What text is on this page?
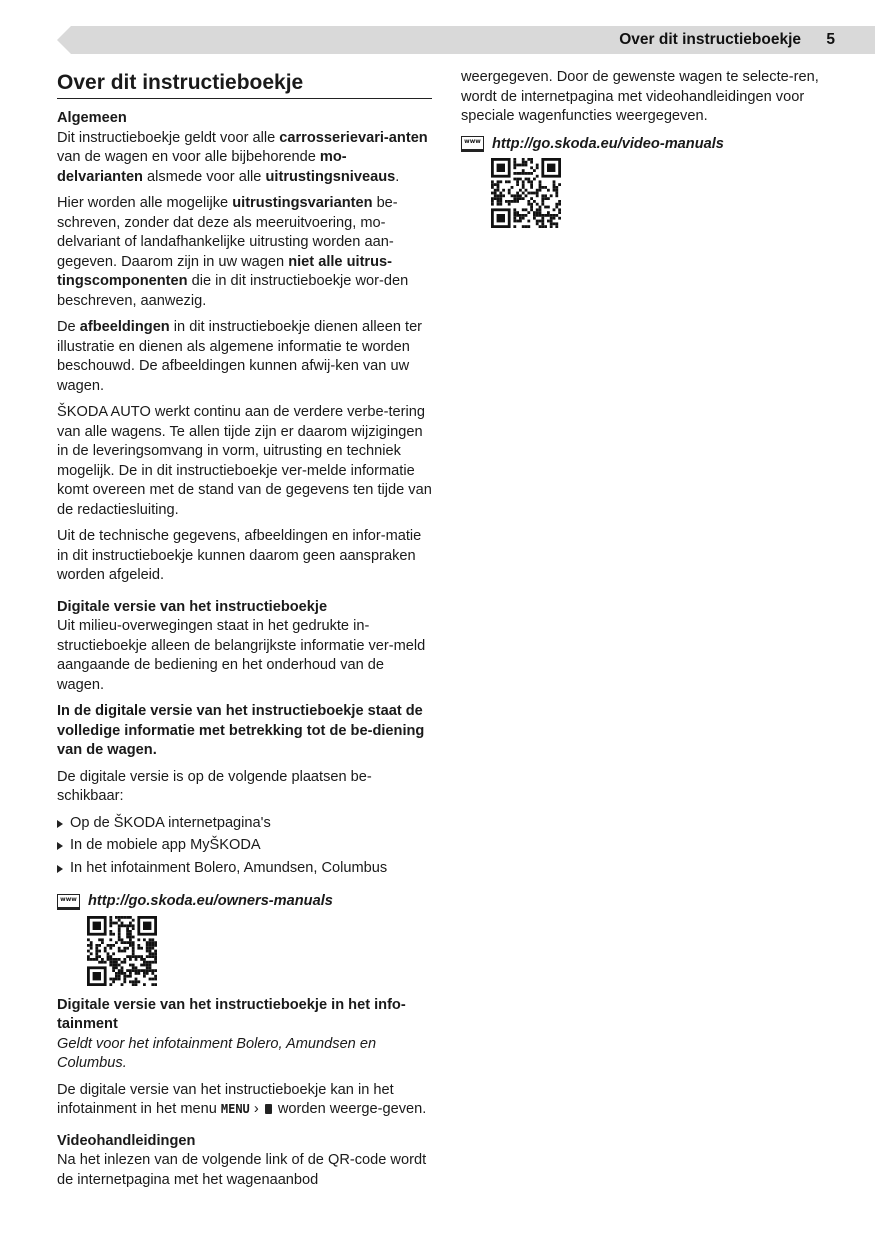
Over dit instructieboekje 5
Over dit instructieboekje
Algemeen

Dit instructieboekje geldt voor alle carrosserievari-anten van de wagen en voor alle bijbehorende mo-delvarianten alsmede voor alle uitrustingsniveaus.

Hier worden alle mogelijke uitrustingsvarianten be-schreven, zonder dat deze als meeruitvoering, mo-delvariant of landafhankelijke uitrusting worden aan-gegeven. Daarom zijn in uw wagen niet alle uitrus-tingscomponenten die in dit instructieboekje wor-den beschreven, aanwezig.

De afbeeldingen in dit instructieboekje dienen alleen ter illustratie en dienen als algemene informatie te worden beschouwd. De afbeeldingen kunnen afwij-ken van uw wagen.

ŠKODA AUTO werkt continu aan de verdere verbe-tering van alle wagens. Te allen tijde zijn er daarom wijzigingen in de leveringsomvang in vorm, uitrusting en techniek mogelijk. De in dit instructieboekje ver-melde informatie komt overeen met de stand van de gegevens ten tijde van de redactiesluiting.

Uit de technische gegevens, afbeeldingen en infor-matie in dit instructieboekje kunnen daarom geen aanspraken worden afgeleid.

Digitale versie van het instructieboekje

Uit milieu-overwegingen staat in het gedrukte in-structieboekje alleen de belangrijkste informatie ver-meld aangaande de bediening en het onderhoud van de wagen.

In de digitale versie van het instructieboekje staat de volledige informatie met betrekking tot de be-diening van de wagen.

De digitale versie is op de volgende plaatsen be-schikbaar:

Op de ŠKODA internetpagina's
In de mobiele app MyŠKODA
In het infotainment Bolero, Amundsen, Columbus
www http://go.skoda.eu/owners-manuals
Digitale versie van het instructieboekje in het info-tainment

Geldt voor het infotainment Bolero, Amundsen en Columbus.

De digitale versie van het instructieboekje kan in het infotainment in het menu MENU ›  worden weerge-geven.

Videohandleidingen

Na het inlezen van de volgende link of de QR-code wordt de internetpagina met het wagenaanbod

weergegeven. Door de gewenste wagen te selecte-ren, wordt de internetpagina met videohandleidingen voor speciale wagenfuncties weergegeven.

www http://go.skoda.eu/video-manuals
